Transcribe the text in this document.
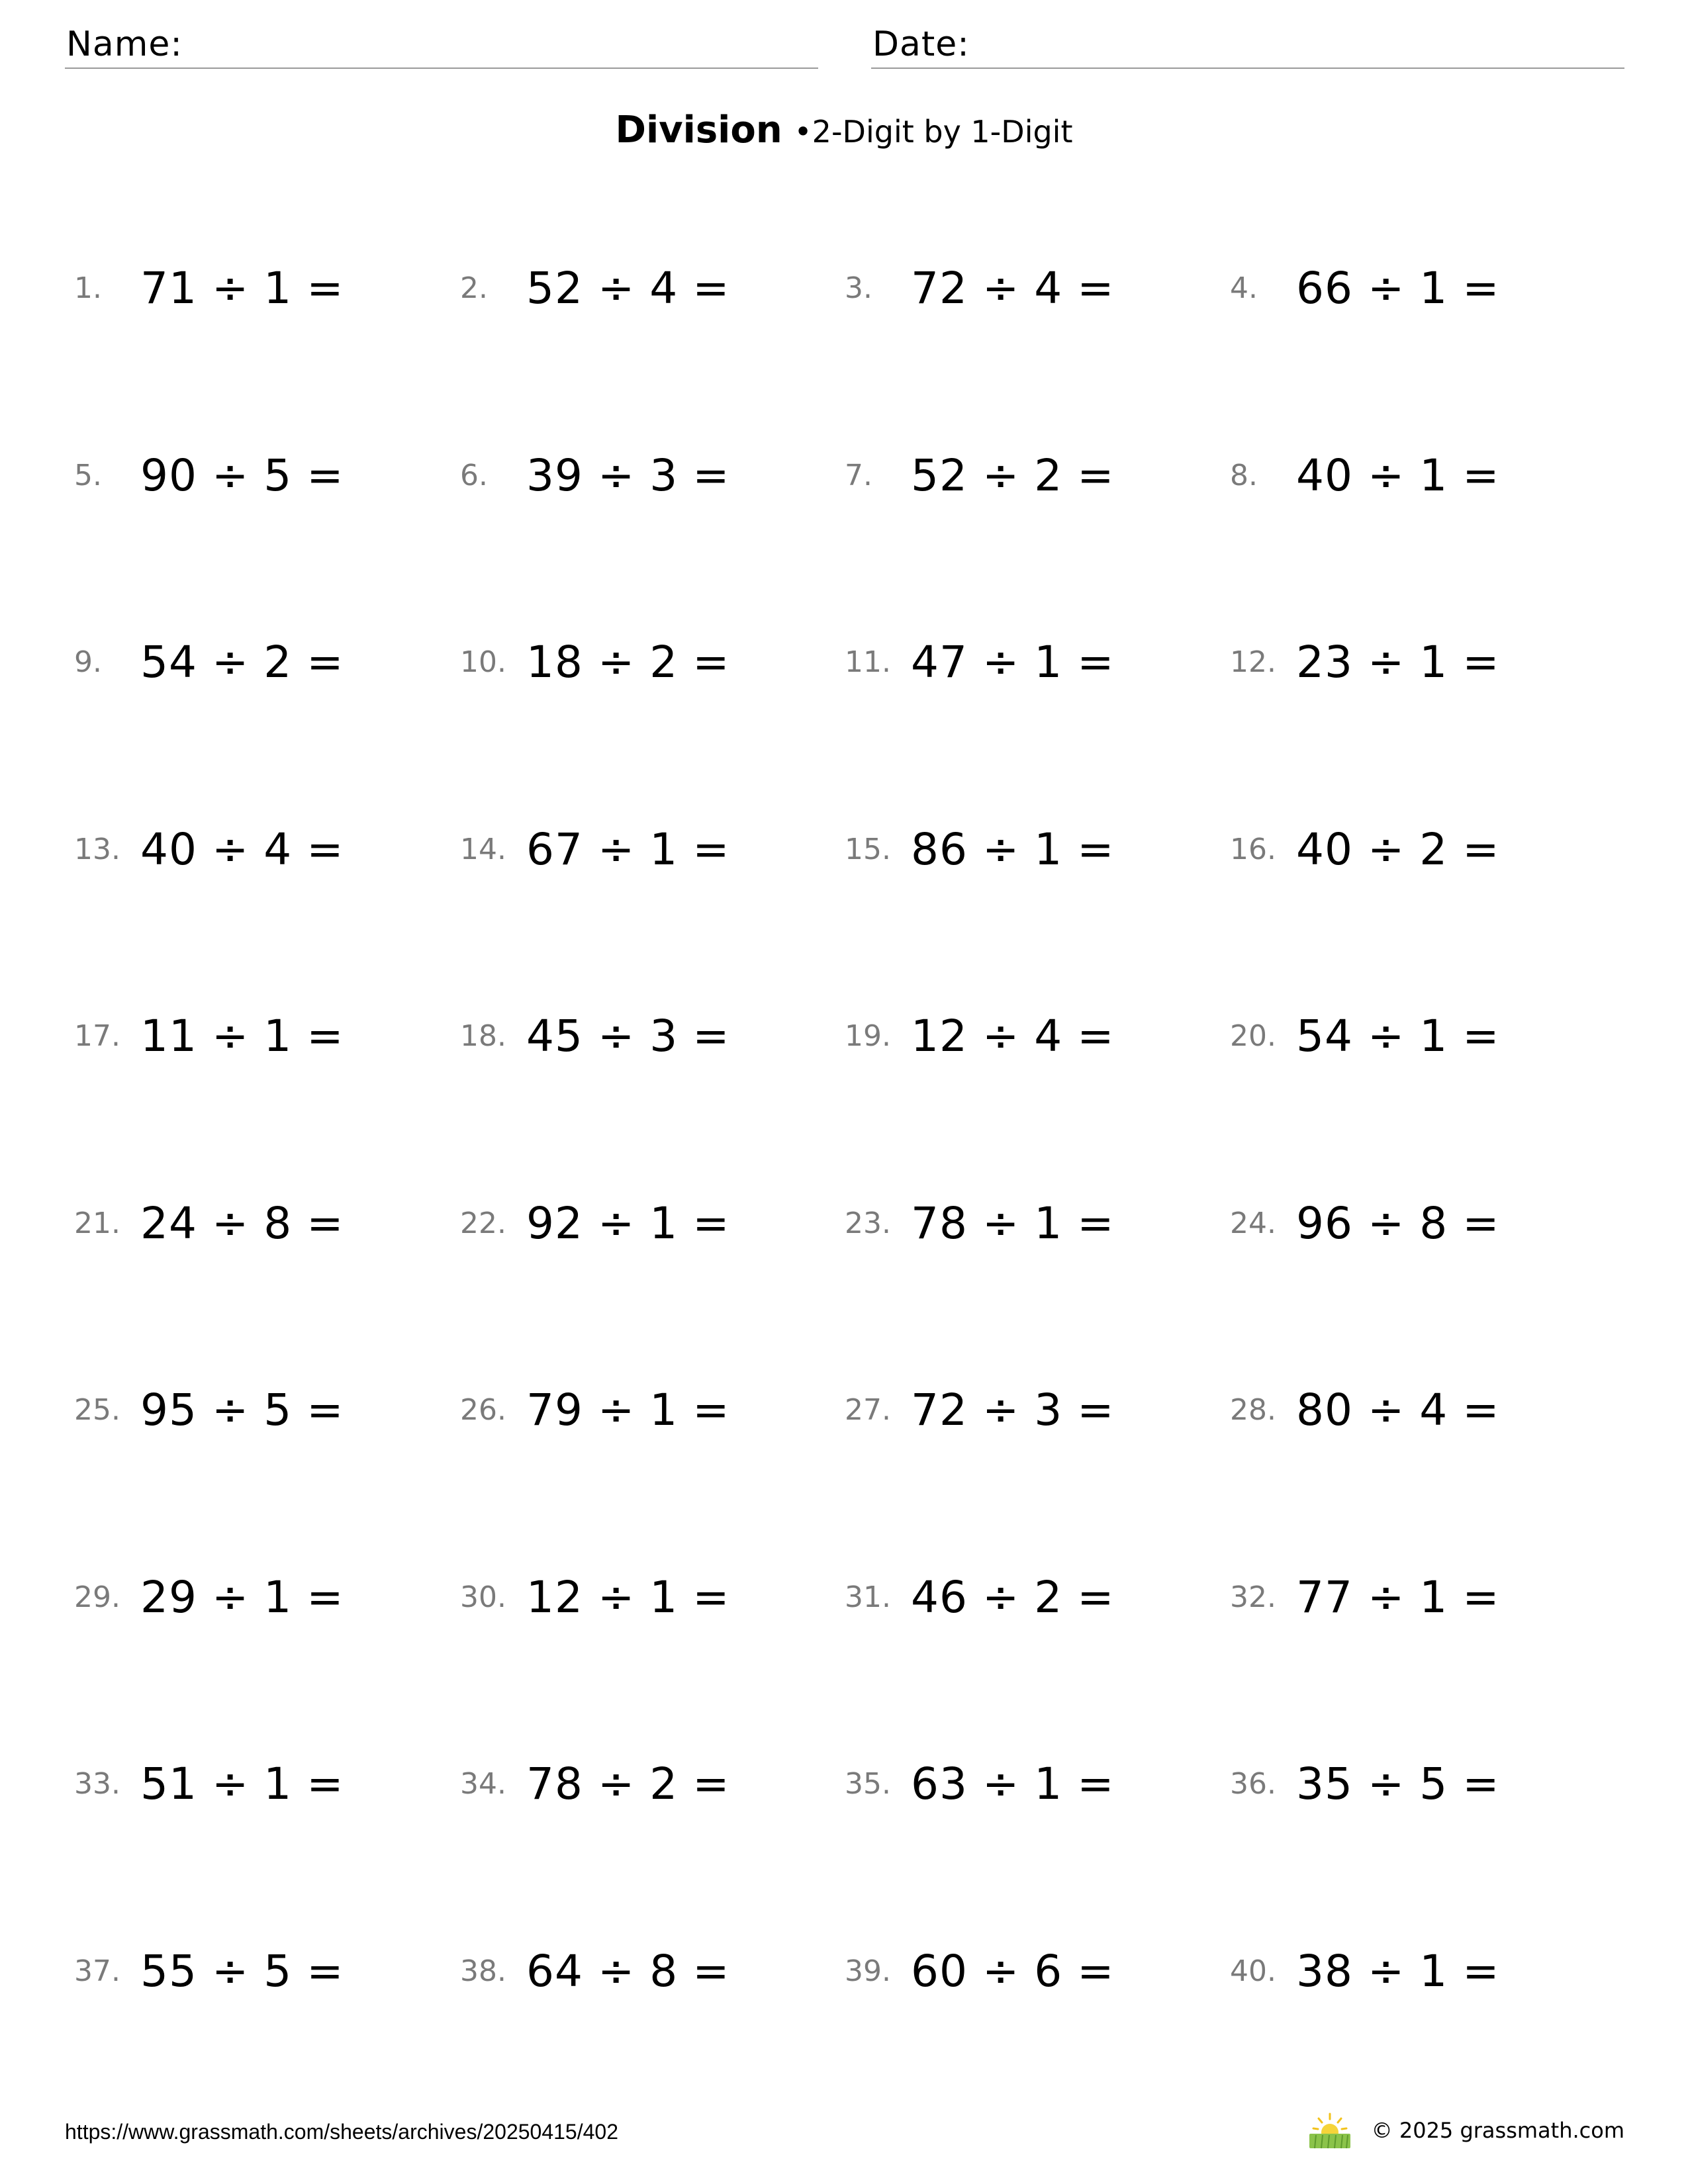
Name:	Date:
Division •2-Digit by 1-Digit
1. 71 ÷ 1 =	2. 52 ÷ 4 =	3. 72 ÷ 4 =	4. 66 ÷ 1 =
5. 90 ÷ 5 =	6. 39 ÷ 3 =	7. 52 ÷ 2 =	8. 40 ÷ 1 =
9. 54 ÷ 2 =	10. 18 ÷ 2 =	11. 47 ÷ 1 =	12. 23 ÷ 1 =
13. 40 ÷ 4 =	14. 67 ÷ 1 =	15. 86 ÷ 1 =	16. 40 ÷ 2 =
17. 11 ÷ 1 =	18. 45 ÷ 3 =	19. 12 ÷ 4 =	20. 54 ÷ 1 =
21. 24 ÷ 8 =	22. 92 ÷ 1 =	23. 78 ÷ 1 =	24. 96 ÷ 8 =
25. 95 ÷ 5 =	26. 79 ÷ 1 =	27. 72 ÷ 3 =	28. 80 ÷ 4 =
29. 29 ÷ 1 =	30. 12 ÷ 1 =	31. 46 ÷ 2 =	32. 77 ÷ 1 =
33. 51 ÷ 1 =	34. 78 ÷ 2 =	35. 63 ÷ 1 =	36. 35 ÷ 5 =
37. 55 ÷ 5 =	38. 64 ÷ 8 =	39. 60 ÷ 6 =	40. 38 ÷ 1 =
https://www.grassmath.com/sheets/archives/20250415/402	© 2025 grassmath.com
